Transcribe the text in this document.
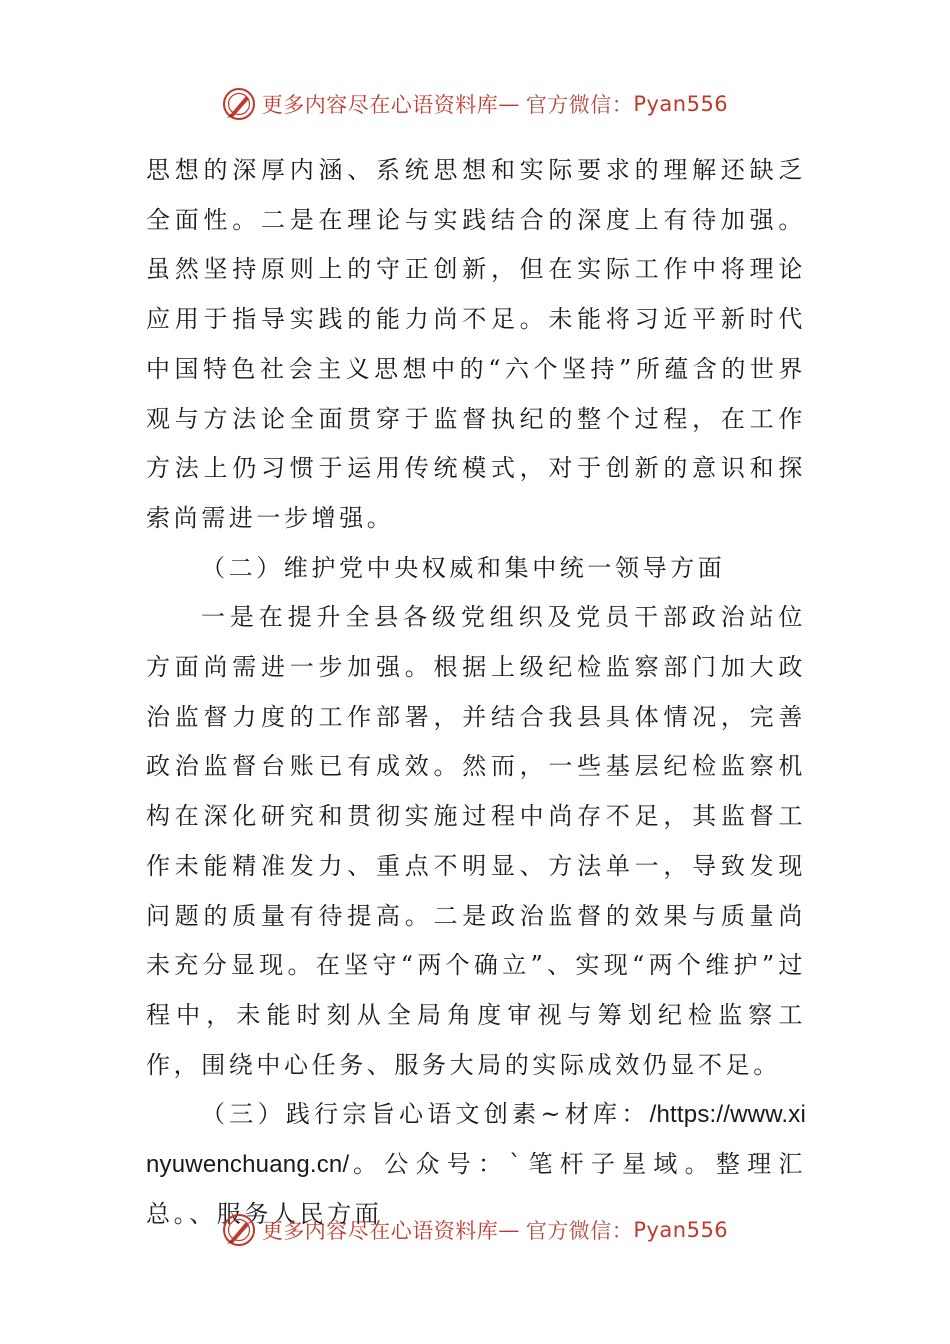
更多内容尽在心语资料库 — 官方微信： Pyan556

思想的深厚内涵、系统思想和实际要求的理解还缺乏全面性。二是在理论与实践结合的深度上有待加强。虽然坚持原则上的守正创新，但在实际工作中将理论应用于指导实践的能力尚不足。未能将习近平新时代中国特色社会主义思想中的“六个坚持”所蕴含的世界观与方法论全面贯穿于监督执纪的整个过程，在工作方法上仍习惯于运用传统模式，对于创新的意识和探索尚需进一步增强。

（二）维护党中央权威和集中统一领导方面

一是在提升全县各级党组织及党员干部政治站位方面尚需进一步加强。根据上级纪检监察部门加大政治监督力度的工作部署，并结合我县具体情况，完善政治监督台账已有成效。然而，一些基层纪检监察机构在深化研究和贯彻实施过程中尚存不足，其监督工作未能精准发力、重点不明显、方法单一，导致发现问题的质量有待提高。二是政治监督的效果与质量尚未充分显现。在坚守“两个确立”、实现“两个维护”过程中，未能时刻从全局角度审视与筹划纪检监察工作，围绕中心任务、服务大局的实际成效仍显不足。

（三）践行宗旨心语文创素~材库：/https://www.xinyuwenchuang.cn/。公众号：`笔杆子星域。整理汇总。、服务人民方面

更多内容尽在心语资料库 — 官方微信： Pyan556
